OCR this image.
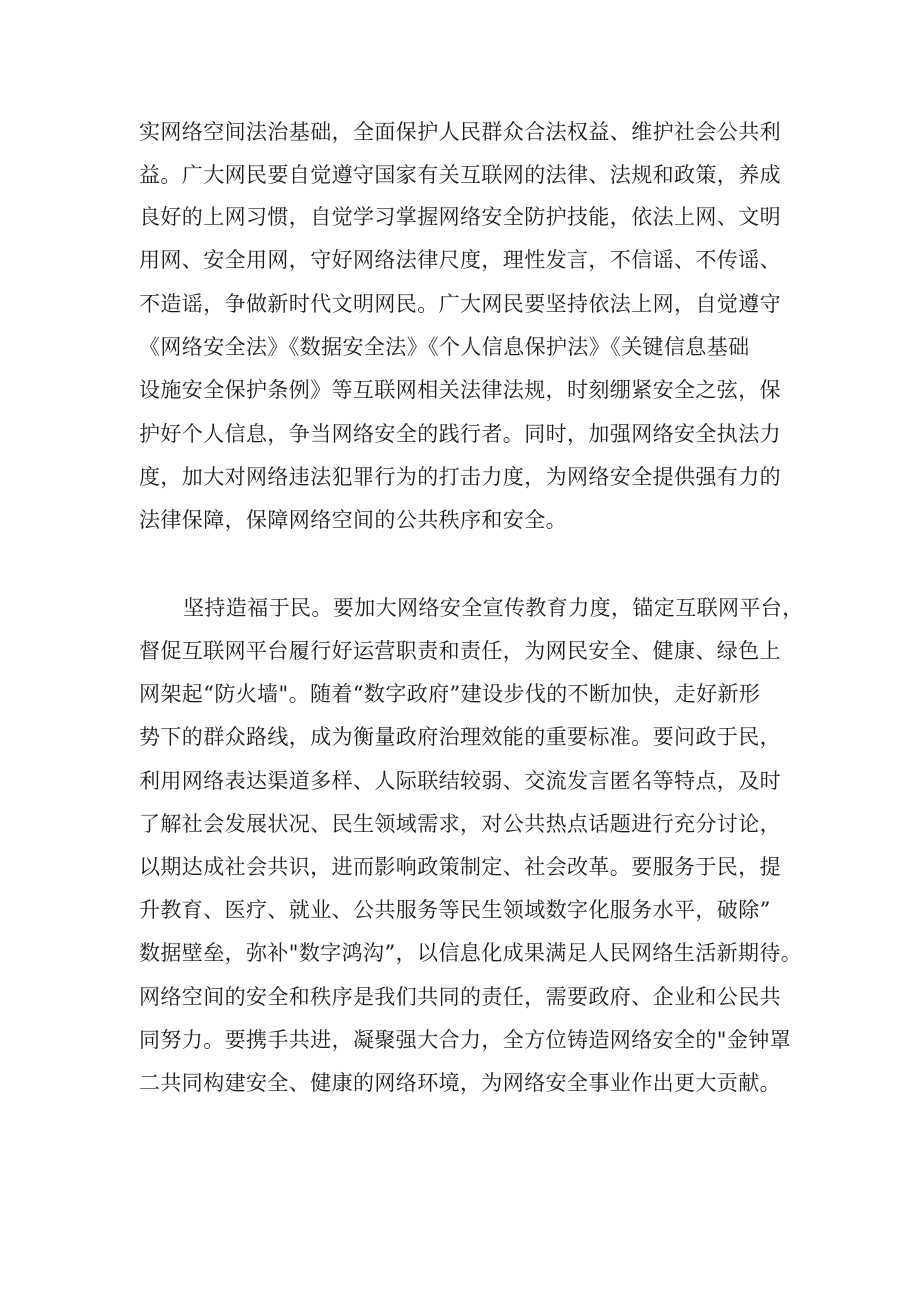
实网络空间法治基础，全面保护人民群众合法权益、维护社会公共利
益。广大网民要自觉遵守国家有关互联网的法律、法规和政策，养成
良好的上网习惯，自觉学习掌握网络安全防护技能，依法上网、文明
用网、安全用网，守好网络法律尺度，理性发言，不信谣、不传谣、
不造谣，争做新时代文明网民。广大网民要坚持依法上网，自觉遵守
《网络安全法》《数据安全法》《个人信息保护法》《关键信息基础
设施安全保护条例》等互联网相关法律法规，时刻绷紧安全之弦，保
护好个人信息，争当网络安全的践行者。同时，加强网络安全执法力
度，加大对网络违法犯罪行为的打击力度，为网络安全提供强有力的
法律保障，保障网络空间的公共秩序和安全。
坚持造福于民。要加大网络安全宣传教育力度，锚定互联网平台，
督促互联网平台履行好运营职责和责任，为网民安全、健康、绿色上
网架起“防火墙"。随着“数字政府”建设步伐的不断加快，走好新形
势下的群众路线，成为衡量政府治理效能的重要标准。要问政于民，
利用网络表达渠道多样、人际联结较弱、交流发言匿名等特点，及时
了解社会发展状况、民生领域需求，对公共热点话题进行充分讨论，
以期达成社会共识，进而影响政策制定、社会改革。要服务于民，提
升教育、医疗、就业、公共服务等民生领域数字化服务水平，破除”
数据壁垒，弥补"数字鸿沟”，以信息化成果满足人民网络生活新期待。
网络空间的安全和秩序是我们共同的责任，需要政府、企业和公民共
同努力。要携手共进，凝聚强大合力，全方位铸造网络安全的"金钟罩
二共同构建安全、健康的网络环境，为网络安全事业作出更大贡献。
